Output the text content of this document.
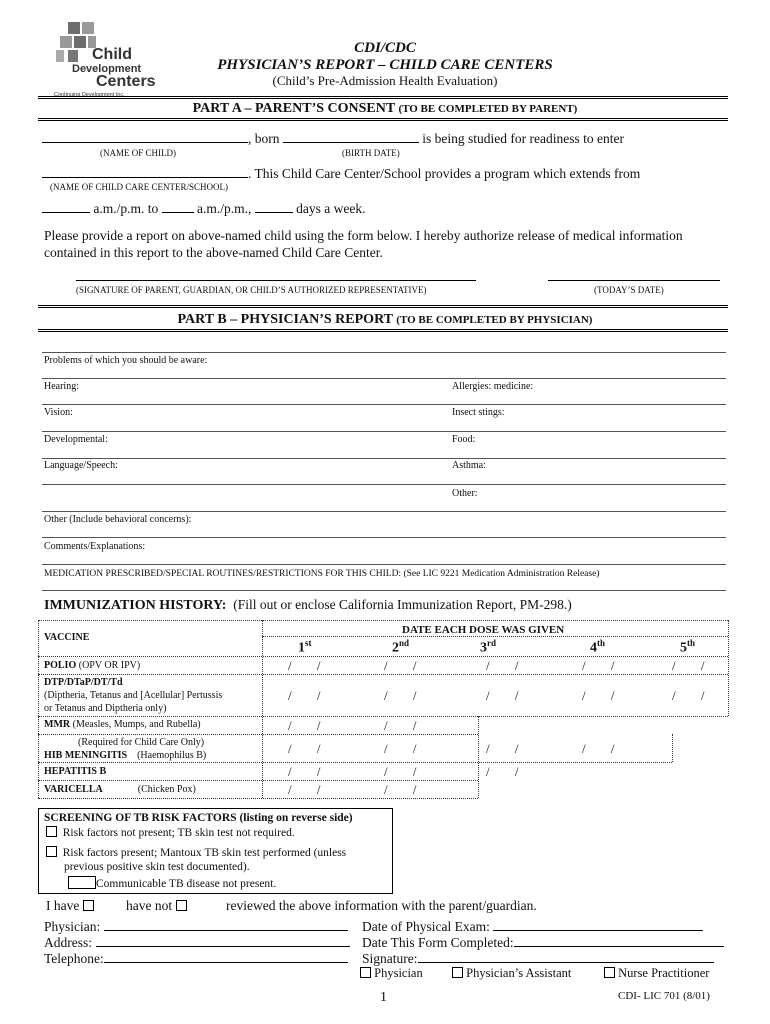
Child
Development
Centers
Continuing Development Inc.
CDI/CDC
PHYSICIAN’S REPORT – CHILD CARE CENTERS
(Child’s Pre-Admission Health Evaluation)
PART A – PARENT’S CONSENT (TO BE COMPLETED BY PARENT)
, born	is being studied for readiness to enter
(NAME OF CHILD)	(BIRTH DATE)
. This Child Care Center/School provides a program which extends from
(NAME OF CHILD CARE CENTER/SCHOOL)
a.m./p.m. to	a.m./p.m.,	days a week.
Please provide a report on above-named child using the form below. I hereby authorize release of medical information
contained in this report to the above-named Child Care Center.
(SIGNATURE OF PARENT, GUARDIAN, OR CHILD’S AUTHORIZED REPRESENTATIVE)	(TODAY’S DATE)
PART B – PHYSICIAN’S REPORT (TO BE COMPLETED BY PHYSICIAN)
Problems of which you should be aware:
Hearing:	Allergies: medicine:
Vision:	Insect stings:
Developmental:	Food:
Language/Speech:	Asthma:
Other:
Other (Include behavioral concerns):
Comments/Explanations:
MEDICATION PRESCRIBED/SPECIAL ROUTINES/RESTRICTIONS FOR THIS CHILD: (See LIC 9221 Medication Administration Release)
IMMUNIZATION HISTORY: (Fill out or enclose California Immunization Report, PM-298.)
VACCINE
DATE EACH DOSE WAS GIVEN
1st	2nd	3rd	4th	5th
POLIO (OPV OR IPV)	/ /	/ /	/ /	/ /	/ /
DTP/DTaP/DT/Td
(Diptheria, Tetanus and [Acellular] Pertussis
or Tetanus and Diptheria only)
/ /	/ /	/ /	/ /	/ /
MMR (Measles, Mumps, and Rubella)	/ /	/ /
(Required for Child Care Only)
HIB MENINGITIS (Haemophilus B)	/ /	/ /	/ /	/ /
HEPATITIS B	/ /	/ /	/ /
VARICELLA	(Chicken Pox)	/ /	/ /
SCREENING OF TB RISK FACTORS (listing on reverse side)
Risk factors not present; TB skin test not required.
Risk factors present; Mantoux TB skin test performed (unless
previous positive skin test documented).
Communicable TB disease not present.
I have	have not	reviewed the above information with the parent/guardian.
Physician:
Address:
Telephone:
Date of Physical Exam:
Date This Form Completed:
Signature:
Physician	Physician’s Assistant	Nurse Practitioner
1	CDI- LIC 701 (8/01)
